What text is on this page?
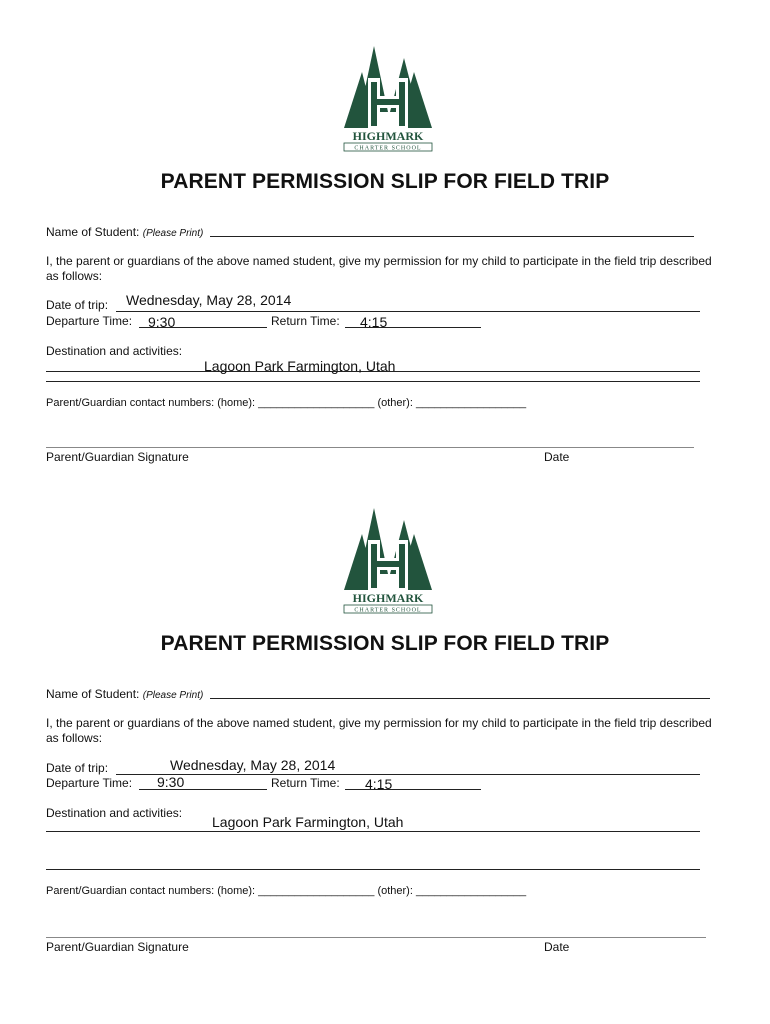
HIGHMARK
CHARTER SCHOOL
PARENT PERMISSION SLIP FOR FIELD TRIP
Name of Student: (Please Print)
I, the parent or guardians of the above named student, give my permission for my child to participate in the field trip described as follows:
Date of trip: Wednesday, May 28, 2014
Departure Time: 9:30	Return Time: 4:15
Destination and activities:
Lagoon Park Farmington, Utah
Parent/Guardian contact numbers: (home): ___________________ (other): __________________
Parent/Guardian Signature	Date
HIGHMARK
CHARTER SCHOOL
PARENT PERMISSION SLIP FOR FIELD TRIP
Name of Student: (Please Print)
I, the parent or guardians of the above named student, give my permission for my child to participate in the field trip described as follows:
Date of trip:	Wednesday, May 28, 2014
Departure Time: 9:30	Return Time: 4:15
Destination and activities:
Lagoon Park Farmington, Utah
Parent/Guardian contact numbers: (home): ___________________ (other): __________________
Parent/Guardian Signature	Date
